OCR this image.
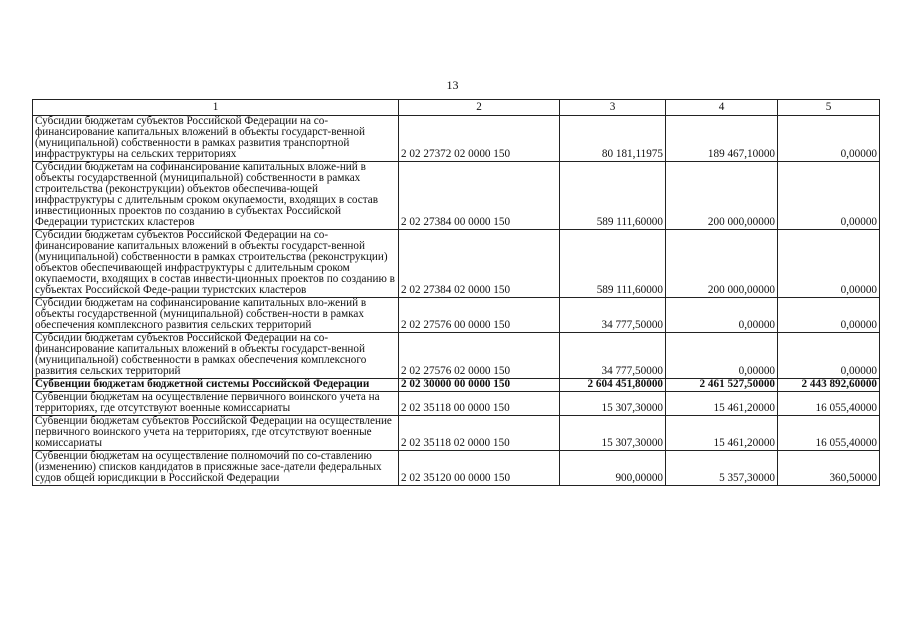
13
1	2	3	4	5
Субсидии бюджетам субъектов Российской Федерации на со-финансирование капитальных вложений в объекты государст-венной (муниципальной) собственности в рамках развития транспортной инфраструктуры на сельских территориях	2 02 27372 02 0000 150	80 181,11975	189 467,10000	0,00000
Субсидии бюджетам на софинансирование капитальных вложе-ний в объекты государственной (муниципальной) собственности в рамках строительства (реконструкции) объектов обеспечива-ющей инфраструктуры с длительным сроком окупаемости, входящих в состав инвестиционных проектов по созданию в субъектах Российской Федерации туристских кластеров	2 02 27384 00 0000 150	589 111,60000	200 000,00000	0,00000
Субсидии бюджетам субъектов Российской Федерации на со-финансирование капитальных вложений в объекты государст-венной (муниципальной) собственности в рамках строительства (реконструкции) объектов обеспечивающей инфраструктуры с длительным сроком окупаемости, входящих в состав инвести-ционных проектов по созданию в субъектах Российской Феде-рации туристских кластеров	2 02 27384 02 0000 150	589 111,60000	200 000,00000	0,00000
Субсидии бюджетам на софинансирование капитальных вло-жений в объекты государственной (муниципальной) собствен-ности в рамках обеспечения комплексного развития сельских территорий	2 02 27576 00 0000 150	34 777,50000	0,00000	0,00000
Субсидии бюджетам субъектов Российской Федерации на со-финансирование капитальных вложений в объекты государст-венной (муниципальной) собственности в рамках обеспечения комплексного развития сельских территорий	2 02 27576 02 0000 150	34 777,50000	0,00000	0,00000
Субвенции бюджетам бюджетной системы Российской Федерации	2 02 30000 00 0000 150	2 604 451,80000	2 461 527,50000	2 443 892,60000
Субвенции бюджетам на осуществление первичного воинского учета на территориях, где отсутствуют военные комиссариаты	2 02 35118 00 0000 150	15 307,30000	15 461,20000	16 055,40000
Субвенции бюджетам субъектов Российской Федерации на осуществление первичного воинского учета на территориях, где отсутствуют военные комиссариаты	2 02 35118 02 0000 150	15 307,30000	15 461,20000	16 055,40000
Субвенции бюджетам на осуществление полномочий по со-ставлению (изменению) списков кандидатов в присяжные засе-датели федеральных судов общей юрисдикции в Российской Федерации	2 02 35120 00 0000 150	900,00000	5 357,30000	360,50000
